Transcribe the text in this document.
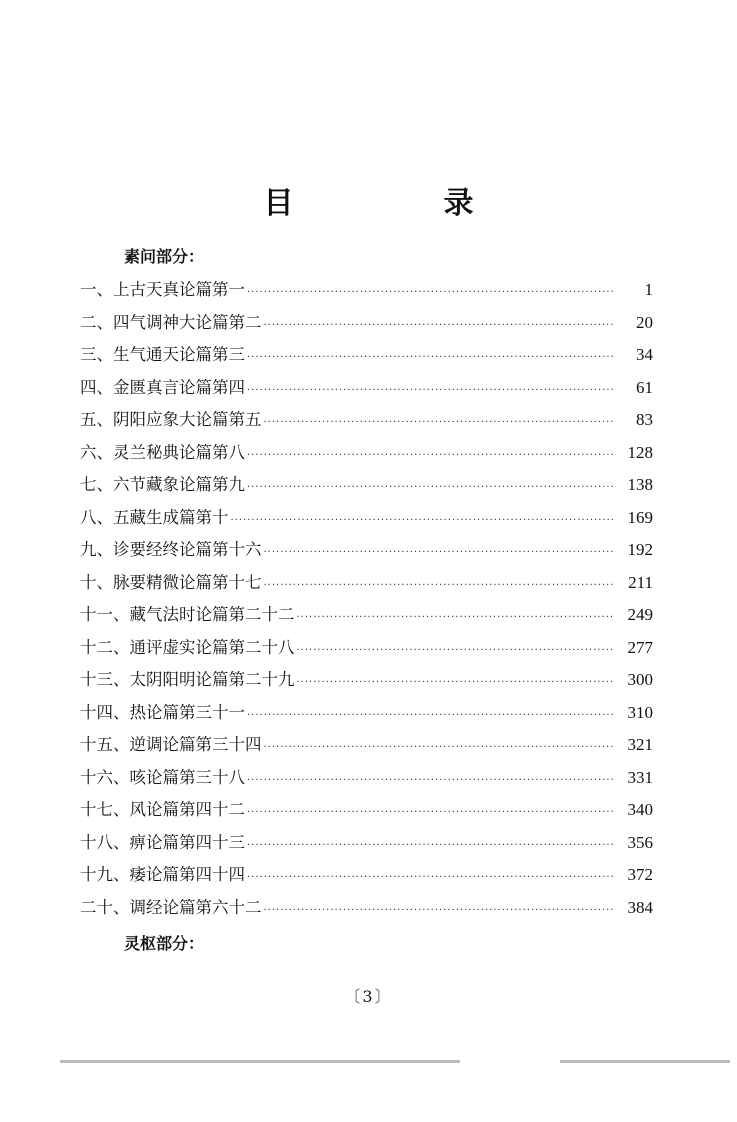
目　录
素问部分：
一、上古天真论篇第一 ·····	1
二、四气调神大论篇第二 ·····	20
三、生气通天论篇第三 ·····	34
四、金匮真言论篇第四 ·····	61
五、阴阳应象大论篇第五 ·····	83
六、灵兰秘典论篇第八 ·····	128
七、六节藏象论篇第九 ·····	138
八、五藏生成篇第十 ·····	169
九、诊要经终论篇第十六 ·····	192
十、脉要精微论篇第十七 ·····	211
十一、藏气法时论篇第二十二 ·····	249
十二、通评虚实论篇第二十八 ·····	277
十三、太阴阳明论篇第二十九 ·····	300
十四、热论篇第三十一 ·····	310
十五、逆调论篇第三十四 ·····	321
十六、咳论篇第三十八 ·····	331
十七、风论篇第四十二 ·····	340
十八、痹论篇第四十三 ·····	356
十九、痿论篇第四十四 ·····	372
二十、调经论篇第六十二 ·····	384
灵枢部分：
〔3〕
